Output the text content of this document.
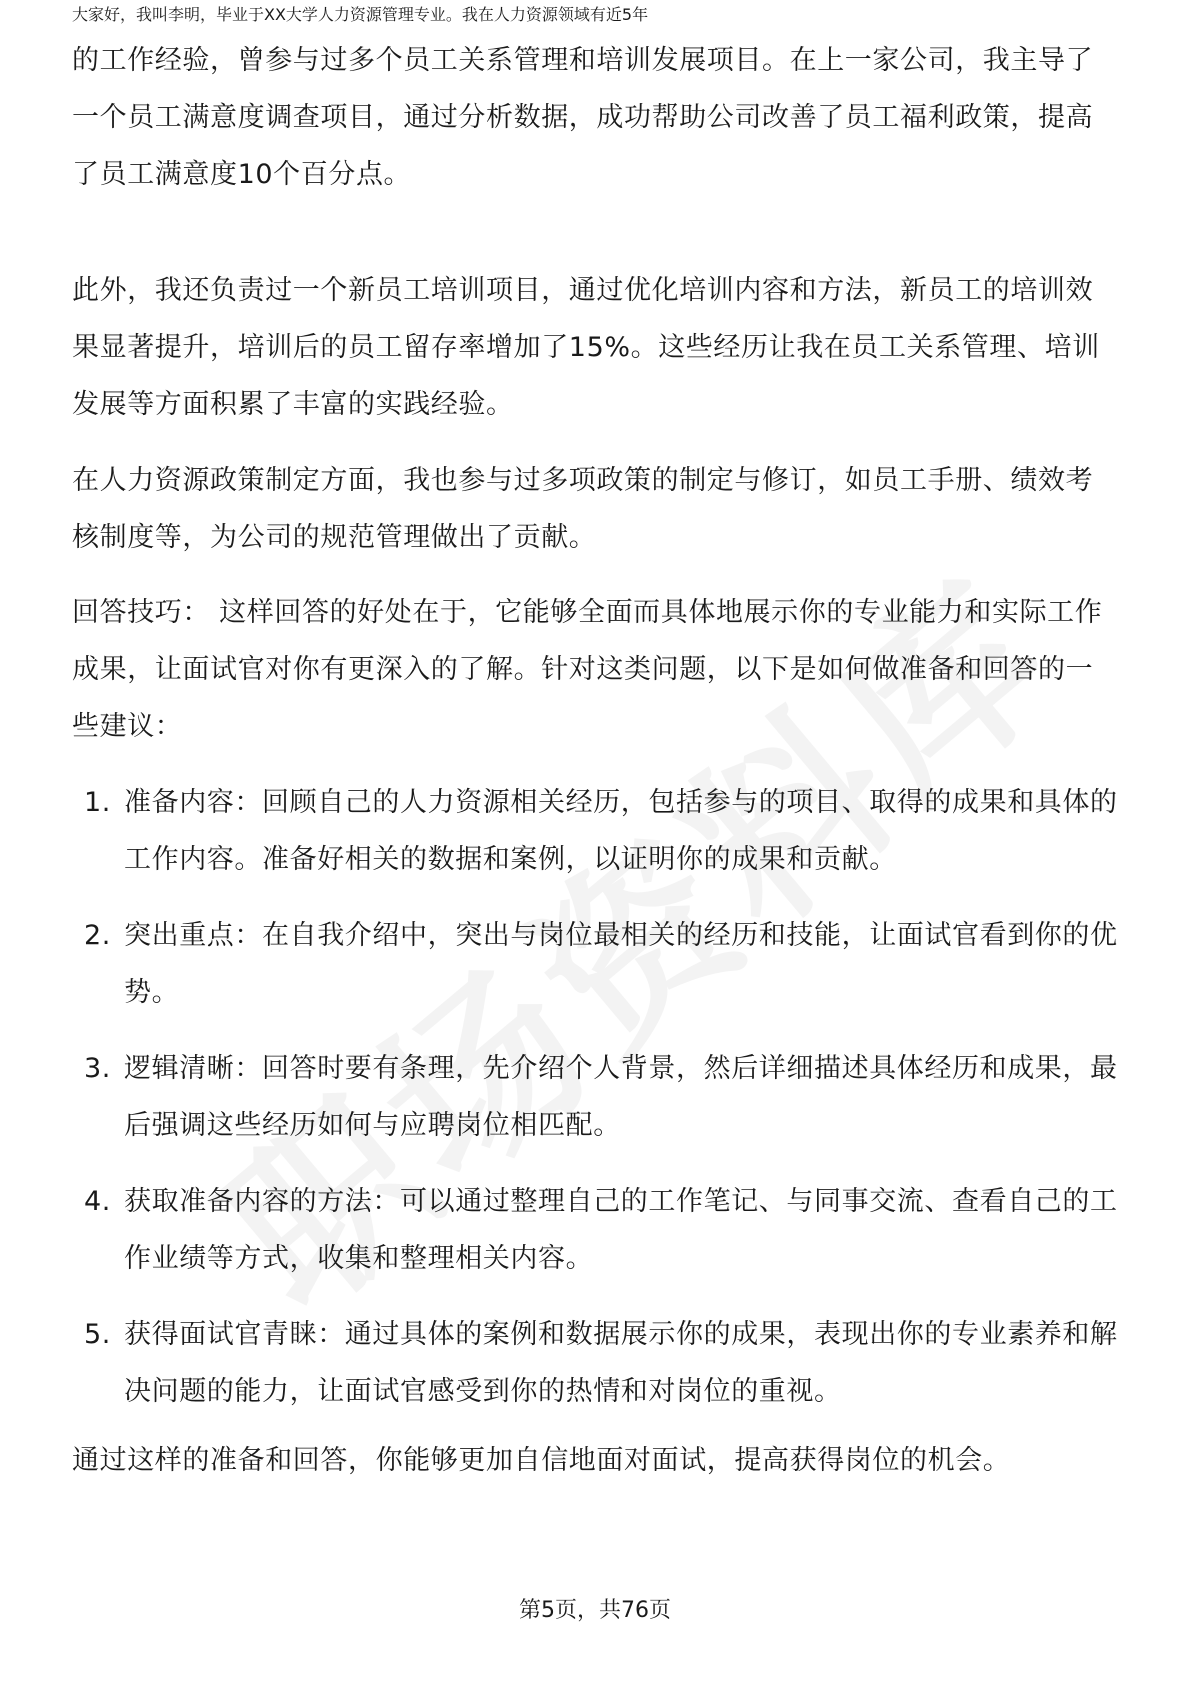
大家好，我叫李明，毕业于XX大学人力资源管理专业。我在人力资源领域有近5年

的工作经验，曾参与过多个员工关系管理和培训发展项目。在上一家公司，我主导了一个员工满意度调查项目，通过分析数据，成功帮助公司改善了员工福利政策，提高了员工满意度10个百分点。

此外，我还负责过一个新员工培训项目，通过优化培训内容和方法，新员工的培训效果显著提升，培训后的员工留存率增加了15%。这些经历让我在员工关系管理、培训发展等方面积累了丰富的实践经验。

在人力资源政策制定方面，我也参与过多项政策的制定与修订，如员工手册、绩效考核制度等，为公司的规范管理做出了贡献。

回答技巧： 这样回答的好处在于，它能够全面而具体地展示你的专业能力和实际工作成果，让面试官对你有更深入的了解。针对这类问题，以下是如何做准备和回答的一些建议：

1. 准备内容：回顾自己的人力资源相关经历，包括参与的项目、取得的成果和具体的工作内容。准备好相关的数据和案例，以证明你的成果和贡献。
2. 突出重点：在自我介绍中，突出与岗位最相关的经历和技能，让面试官看到你的优势。
3. 逻辑清晰：回答时要有条理，先介绍个人背景，然后详细描述具体经历和成果，最后强调这些经历如何与应聘岗位相匹配。
4. 获取准备内容的方法：可以通过整理自己的工作笔记、与同事交流、查看自己的工作业绩等方式，收集和整理相关内容。
5. 获得面试官青睐：通过具体的案例和数据展示你的成果，表现出你的专业素养和解决问题的能力，让面试官感受到你的热情和对岗位的重视。

通过这样的准备和回答，你能够更加自信地面对面试，提高获得岗位的机会。

第5页，共76页
